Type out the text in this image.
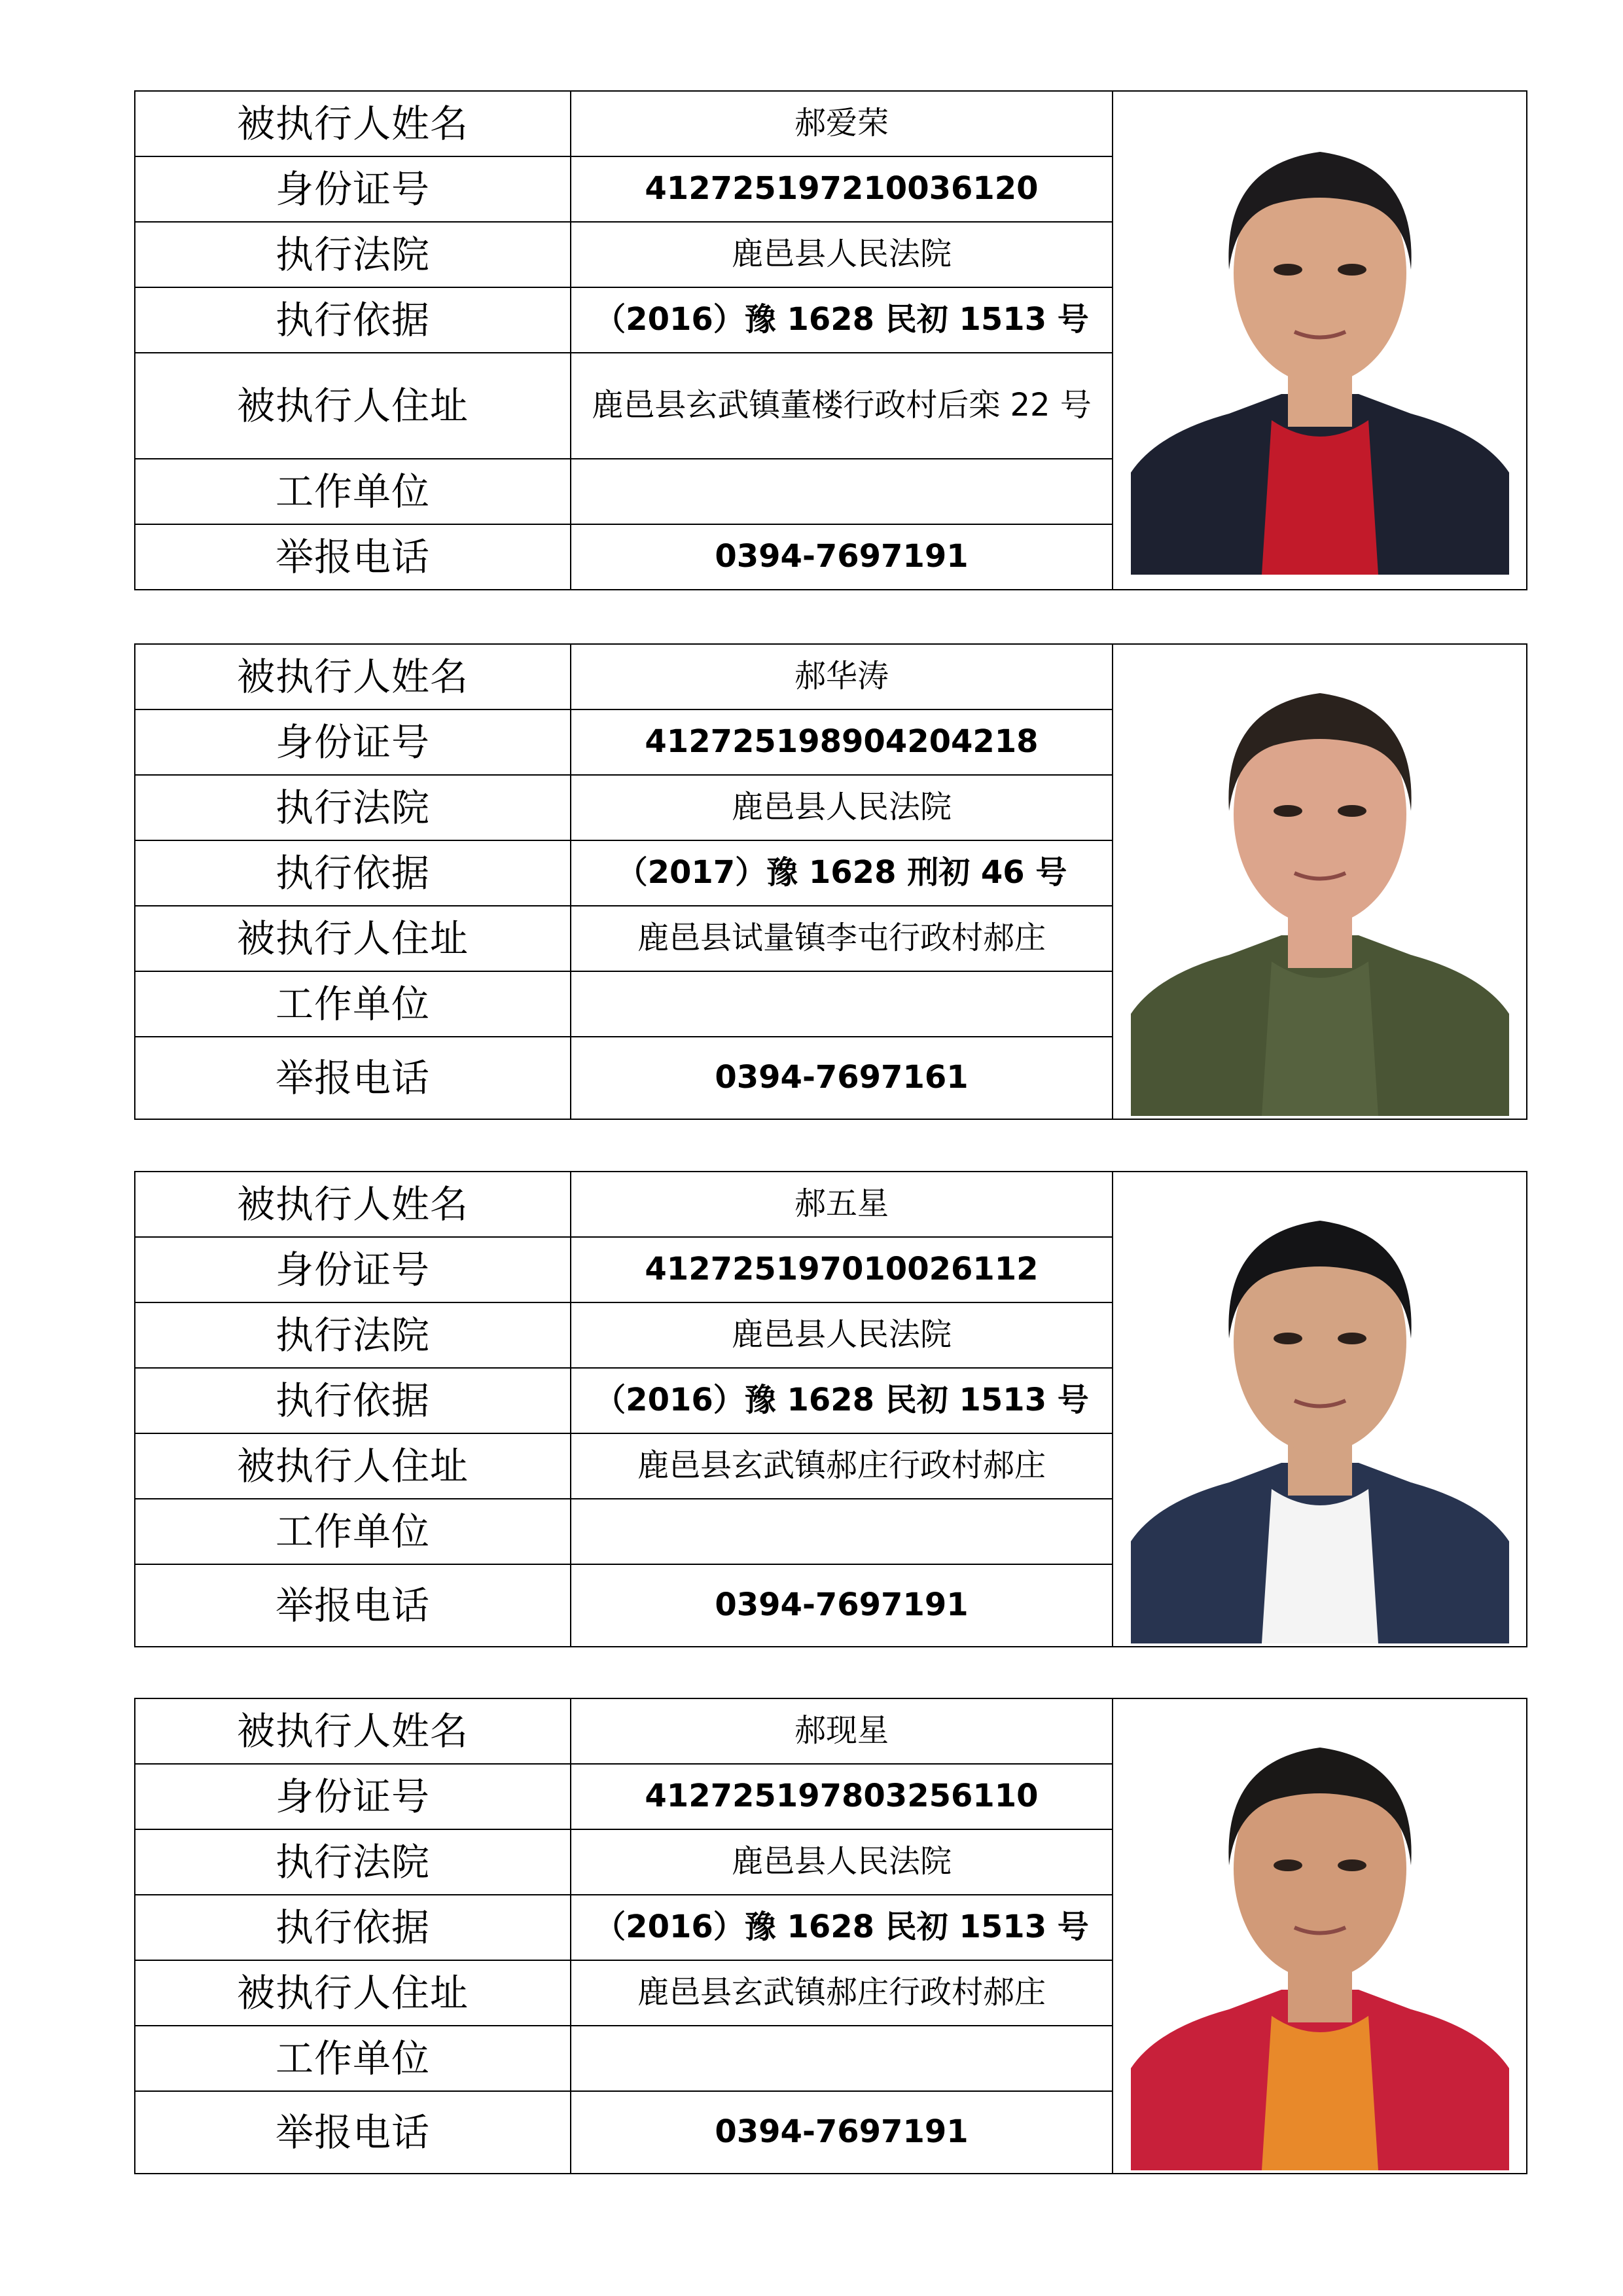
被执行人姓名	郝爱荣	

身份证号	412725197210036120	
执行法院	鹿邑县人民法院	
执行依据	（2016）豫 1628 民初 1513 号	
被执行人住址	鹿邑县玄武镇董楼行政村后栾 22 号	
工作单位		
举报电话	0394-7697191	
被执行人姓名	郝华涛	

身份证号	412725198904204218	
执行法院	鹿邑县人民法院	
执行依据	（2017）豫 1628 刑初 46 号	
被执行人住址	鹿邑县试量镇李屯行政村郝庄	
工作单位		
举报电话	0394-7697161	
被执行人姓名	郝五星	

身份证号	412725197010026112	
执行法院	鹿邑县人民法院	
执行依据	（2016）豫 1628 民初 1513 号	
被执行人住址	鹿邑县玄武镇郝庄行政村郝庄	
工作单位		
举报电话	0394-7697191	
被执行人姓名	郝现星	

身份证号	412725197803256110	
执行法院	鹿邑县人民法院	
执行依据	（2016）豫 1628 民初 1513 号	
被执行人住址	鹿邑县玄武镇郝庄行政村郝庄	
工作单位		
举报电话	0394-7697191	
